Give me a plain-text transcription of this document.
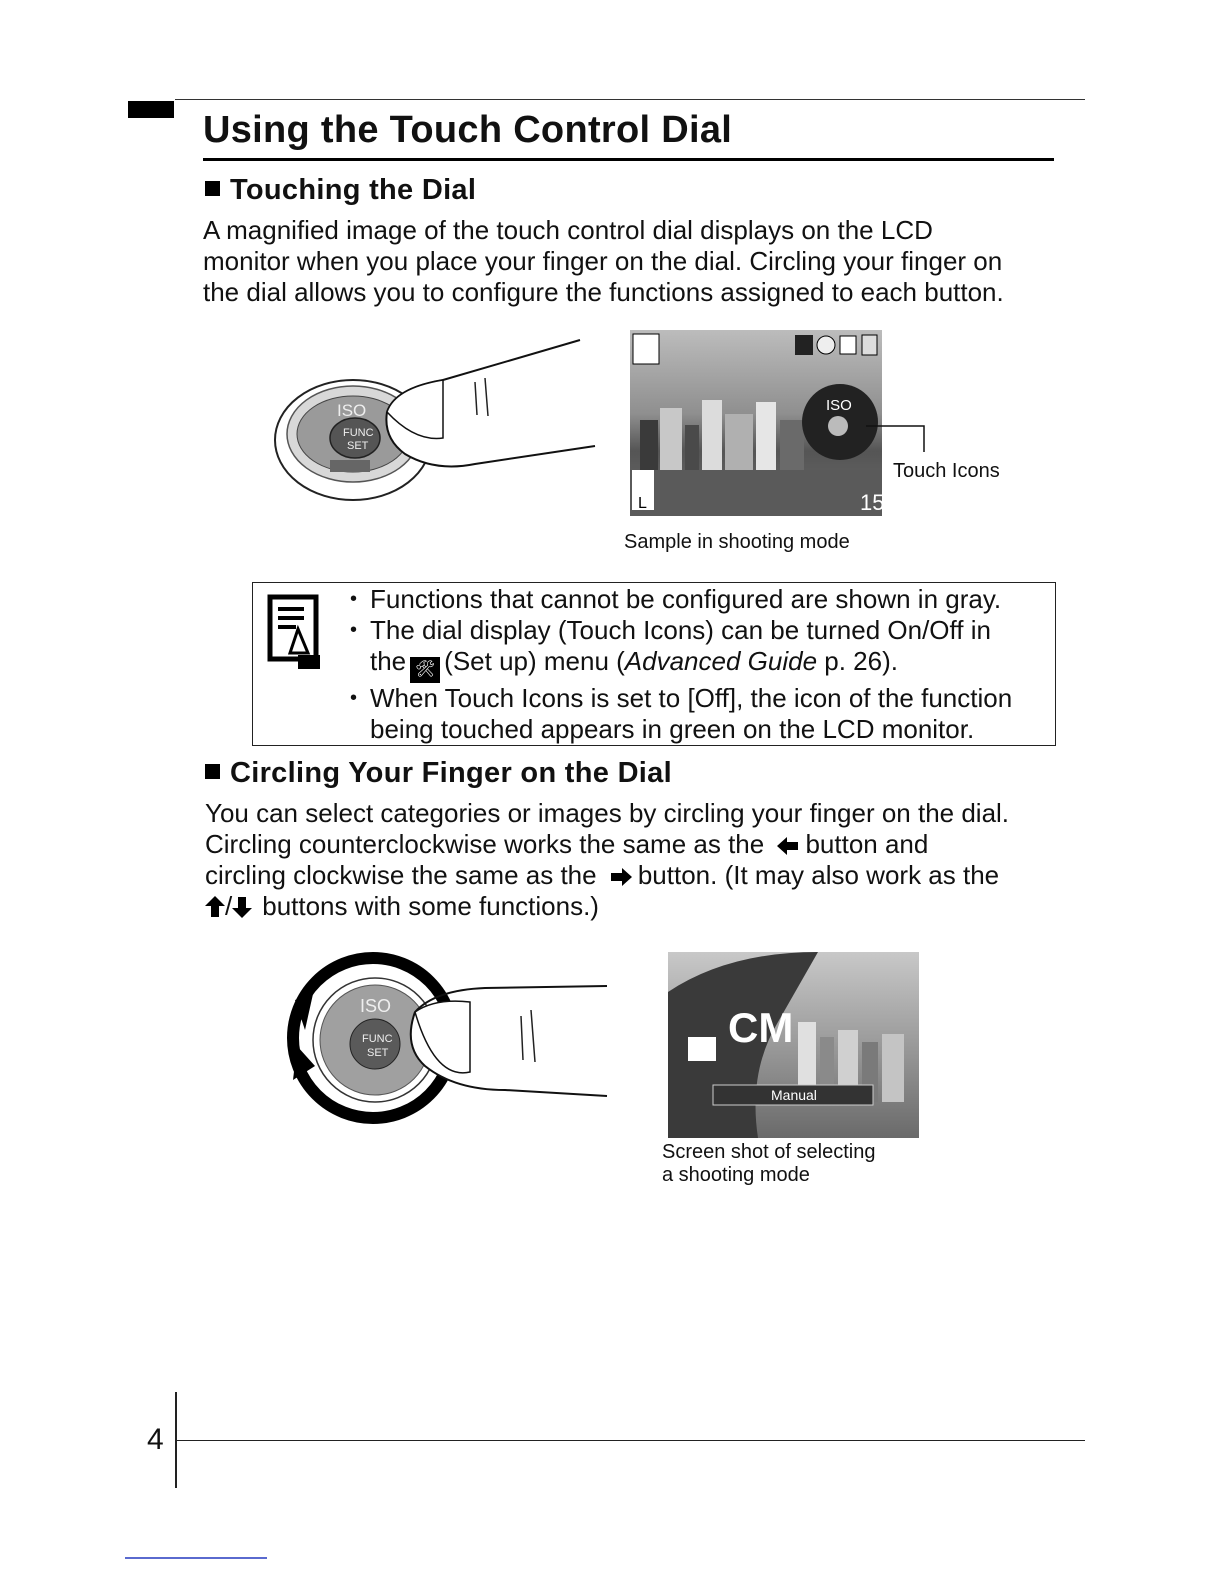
Using the Touch Control Dial
Touching the Dial
A magnified image of the touch control dial displays on the LCD
monitor when you place your finger on the dial. Circling your finger on
the dial allows you to configure the functions assigned to each button.
ISO
FUNC
SET
ISO
L	15
Touch Icons
Sample in shooting mode
• Functions that cannot be configured are shown in gray.
• The dial display (Touch Icons) can be turned On/Off in
the 🛠 (Set up) menu (Advanced Guide p. 26).
• When Touch Icons is set to [Off], the icon of the function
being touched appears in green on the LCD monitor.
Circling Your Finger on the Dial
You can select categories or images by circling your finger on the dial.
Circling counterclockwise works the same as the button and
circling clockwise the same as the button. (It may also work as the
/ buttons with some functions.)
ISO
FUNC
SET
CM
Manual
Screen shot of selecting
a shooting mode
4
